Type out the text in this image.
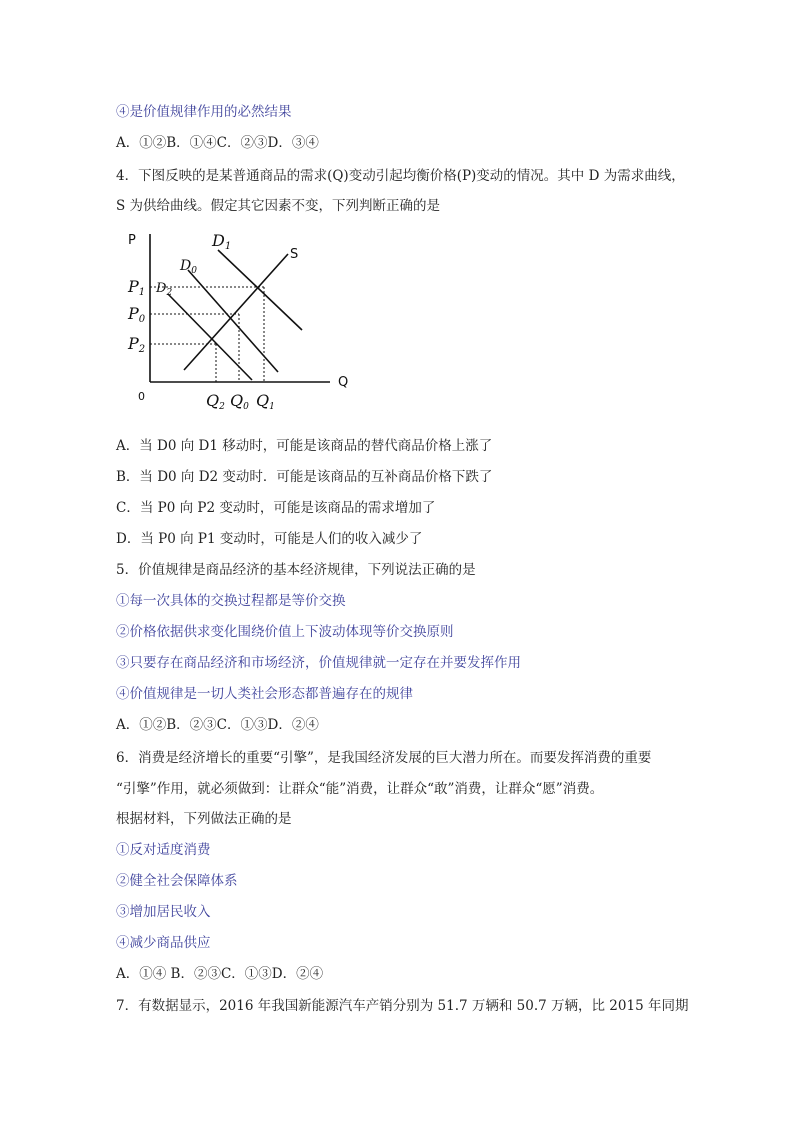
④是价值规律作用的必然结果
A．①②B．①④C．②③D．③④
4．下图反映的是某普通商品的需求(Q)变动引起均衡价格(P)变动的情况。其中 D 为需求曲线，
S 为供给曲线。假定其它因素不变，下列判断正确的是
P
Q
0
P1
P0
P2
D1
$D_0$
$D_2$
S
Q2 Q0 Q1
A．当 D0 向 D1 移动时，可能是该商品的替代商品价格上涨了
B．当 D0 向 D2 变动时．可能是该商品的互补商品价格下跌了
C．当 P0 向 P2 变动时，可能是该商品的需求增加了
D．当 P0 向 P1 变动时，可能是人们的收入减少了
5．价值规律是商品经济的基本经济规律，下列说法正确的是
①每一次具体的交换过程都是等价交换
②价格依据供求变化围绕价值上下波动体现等价交换原则
③只要存在商品经济和市场经济，价值规律就一定存在并要发挥作用
④价值规律是一切人类社会形态都普遍存在的规律
A．①②B．②③C．①③D．②④
6．消费是经济增长的重要“引擎”，是我国经济发展的巨大潜力所在。而要发挥消费的重要
“引擎”作用，就必须做到：让群众“能”消费，让群众“敢”消费，让群众“愿”消费。
根据材料，下列做法正确的是
①反对适度消费
②健全社会保障体系
③增加居民收入
④减少商品供应
A．①④ B．②③C．①③D．②④
7．有数据显示，2016 年我国新能源汽车产销分别为 51.7 万辆和 50.7 万辆，比 2015 年同期
